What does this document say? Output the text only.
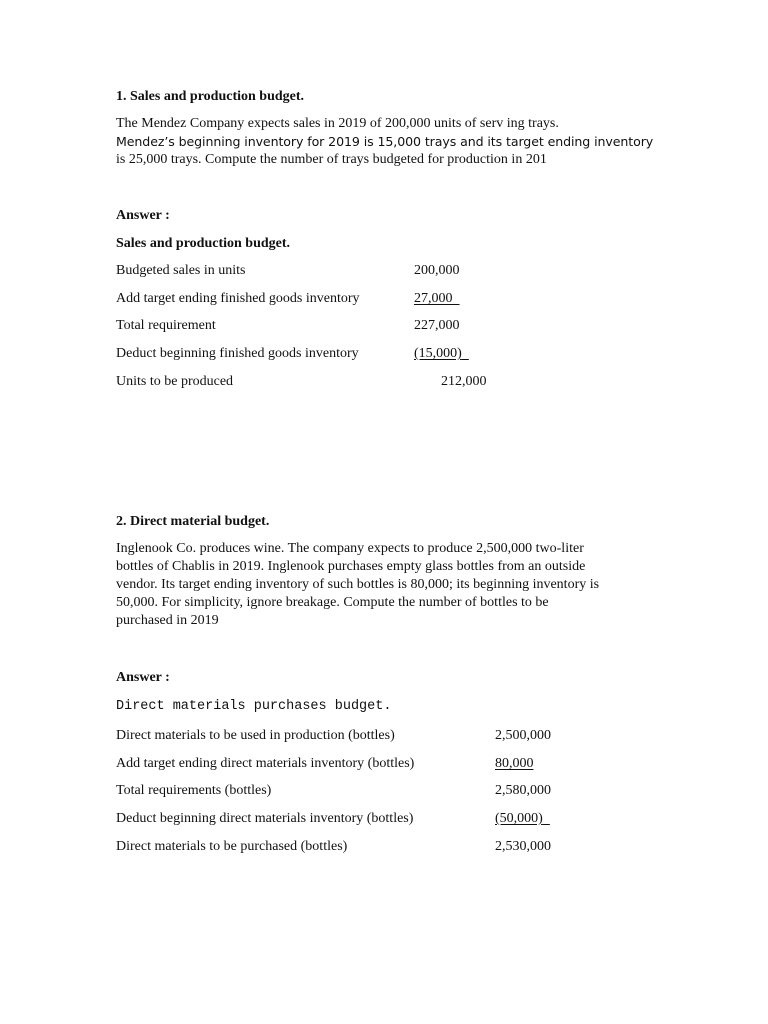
1. Sales and production budget.
The Mendez Company expects sales in 2019 of 200,000 units of serv ing trays.
Mendez’s beginning inventory for 2019 is 15,000 trays and its target ending inventory
is 25,000 trays. Compute the number of trays budgeted for production in 201
Answer :
Sales and production budget.
Budgeted sales in units	200,000
Add target ending finished goods inventory	27,000
Total requirement	227,000
Deduct beginning finished goods inventory	(15,000)
Units to be produced	212,000
2. Direct material budget.
Inglenook Co. produces wine. The company expects to produce 2,500,000 two-liter
bottles of Chablis in 2019. Inglenook purchases empty glass bottles from an outside
vendor. Its target ending inventory of such bottles is 80,000; its beginning inventory is
50,000. For simplicity, ignore breakage. Compute the number of bottles to be
purchased in 2019
Answer :
Direct materials purchases budget.
Direct materials to be used in production (bottles)	2,500,000
Add target ending direct materials inventory (bottles)	80,000
Total requirements (bottles)	2,580,000
Deduct beginning direct materials inventory (bottles)	(50,000)
Direct materials to be purchased (bottles)	2,530,000
